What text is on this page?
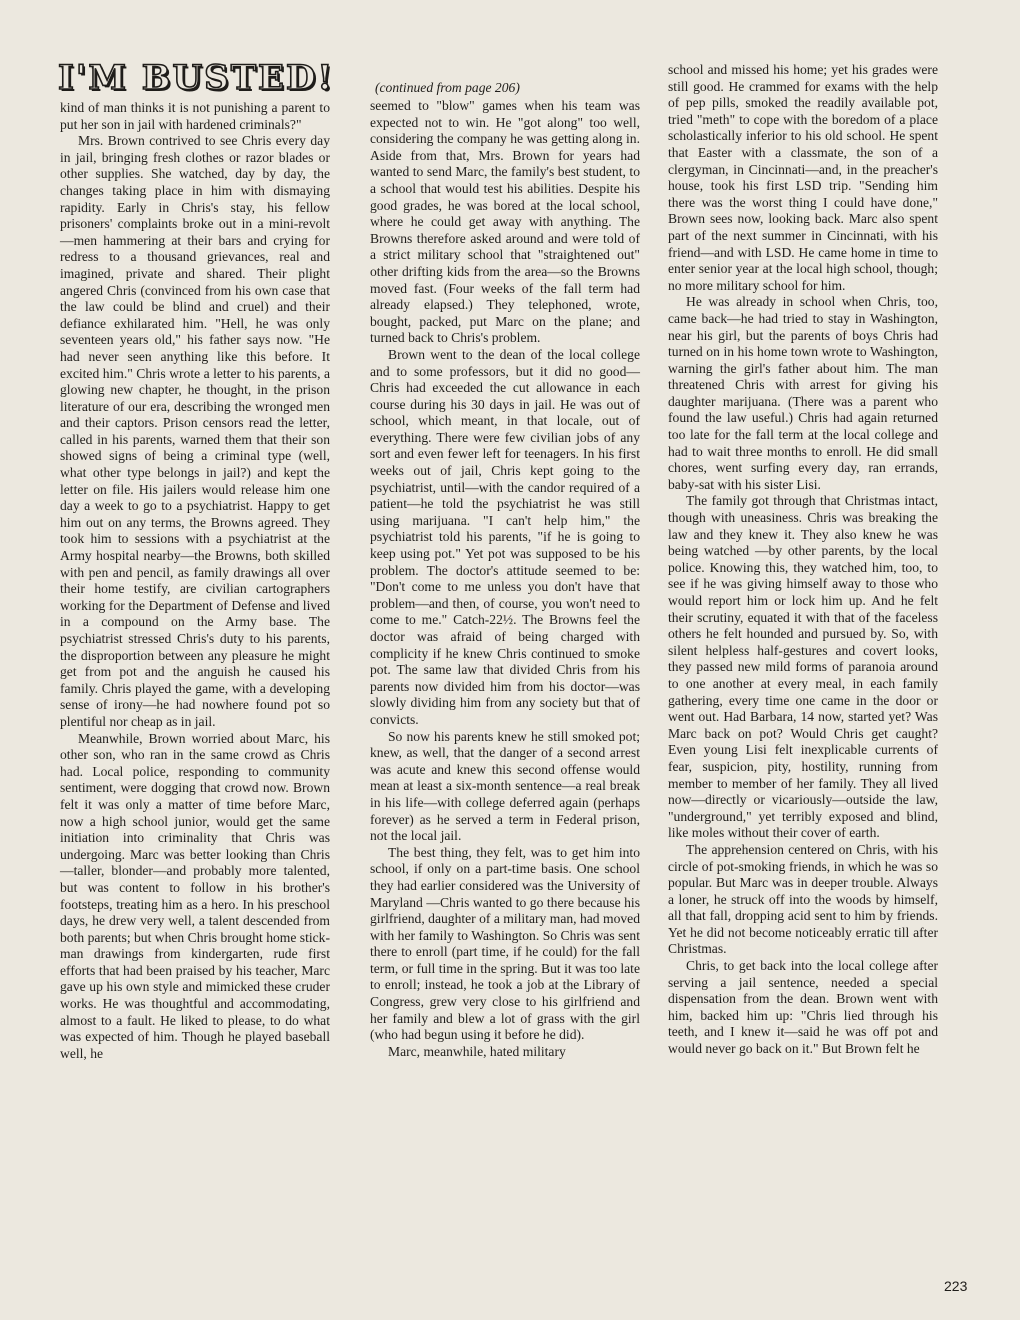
I'M BUSTED!	(continued from page 206)

kind of man thinks it is not punishing a parent to put her son in jail with hardened criminals?"

Mrs. Brown contrived to see Chris every day in jail, bringing fresh clothes or razor blades or other supplies. She watched, day by day, the changes taking place in him with dismaying rapidity. Early in Chris's stay, his fellow prisoners' complaints broke out in a mini-revolt—men hammering at their bars and crying for redress to a thousand grievances, real and imagined, private and shared. Their plight angered Chris (convinced from his own case that the law could be blind and cruel) and their defiance exhilarated him. "Hell, he was only seventeen years old," his father says now. "He had never seen anything like this before. It excited him." Chris wrote a letter to his parents, a glowing new chapter, he thought, in the prison literature of our era, describing the wronged men and their captors. Prison censors read the letter, called in his parents, warned them that their son showed signs of being a criminal type (well, what other type belongs in jail?) and kept the letter on file. His jailers would release him one day a week to go to a psychiatrist. Happy to get him out on any terms, the Browns agreed. They took him to sessions with a psychiatrist at the Army hospital nearby—the Browns, both skilled with pen and pencil, as family drawings all over their home testify, are civilian cartographers working for the Department of Defense and lived in a compound on the Army base. The psychiatrist stressed Chris's duty to his parents, the disproportion between any pleasure he might get from pot and the anguish he caused his family. Chris played the game, with a developing sense of irony—he had nowhere found pot so plentiful nor cheap as in jail.

Meanwhile, Brown worried about Marc, his other son, who ran in the same crowd as Chris had. Local police, responding to community sentiment, were dogging that crowd now. Brown felt it was only a matter of time before Marc, now a high school junior, would get the same initiation into criminality that Chris was undergoing. Marc was better looking than Chris—taller, blonder—and probably more talented, but was content to follow in his brother's footsteps, treating him as a hero. In his preschool days, he drew very well, a talent descended from both parents; but when Chris brought home stick-man drawings from kindergarten, rude first efforts that had been praised by his teacher, Marc gave up his own style and mimicked these cruder works. He was thoughtful and accommodating, almost to a fault. He liked to please, to do what was expected of him. Though he played baseball well, he

seemed to "blow" games when his team was expected not to win. He "got along" too well, considering the company he was getting along in. Aside from that, Mrs. Brown for years had wanted to send Marc, the family's best student, to a school that would test his abilities. Despite his good grades, he was bored at the local school, where he could get away with anything. The Browns therefore asked around and were told of a strict military school that "straightened out" other drifting kids from the area—so the Browns moved fast. (Four weeks of the fall term had already elapsed.) They telephoned, wrote, bought, packed, put Marc on the plane; and turned back to Chris's problem.

Brown went to the dean of the local college and to some professors, but it did no good—Chris had exceeded the cut allowance in each course during his 30 days in jail. He was out of school, which meant, in that locale, out of everything. There were few civilian jobs of any sort and even fewer left for teenagers. In his first weeks out of jail, Chris kept going to the psychiatrist, until—with the candor required of a patient—he told the psychiatrist he was still using marijuana. "I can't help him," the psychiatrist told his parents, "if he is going to keep using pot." Yet pot was supposed to be his problem. The doctor's attitude seemed to be: "Don't come to me unless you don't have that problem—and then, of course, you won't need to come to me." Catch-22½. The Browns feel the doctor was afraid of being charged with complicity if he knew Chris continued to smoke pot. The same law that divided Chris from his parents now divided him from his doctor—was slowly dividing him from any society but that of convicts.

So now his parents knew he still smoked pot; knew, as well, that the danger of a second arrest was acute and knew this second offense would mean at least a six-month sentence—a real break in his life—with college deferred again (perhaps forever) as he served a term in Federal prison, not the local jail.

The best thing, they felt, was to get him into school, if only on a part-time basis. One school they had earlier considered was the University of Maryland —Chris wanted to go there because his girlfriend, daughter of a military man, had moved with her family to Washington. So Chris was sent there to enroll (part time, if he could) for the fall term, or full time in the spring. But it was too late to enroll; instead, he took a job at the Library of Congress, grew very close to his girlfriend and her family and blew a lot of grass with the girl (who had begun using it before he did).

Marc, meanwhile, hated military

school and missed his home; yet his grades were still good. He crammed for exams with the help of pep pills, smoked the readily available pot, tried "meth" to cope with the boredom of a place scholastically inferior to his old school. He spent that Easter with a classmate, the son of a clergyman, in Cincinnati—and, in the preacher's house, took his first LSD trip. "Sending him there was the worst thing I could have done," Brown sees now, looking back. Marc also spent part of the next summer in Cincinnati, with his friend—and with LSD. He came home in time to enter senior year at the local high school, though; no more military school for him.

He was already in school when Chris, too, came back—he had tried to stay in Washington, near his girl, but the parents of boys Chris had turned on in his home town wrote to Washington, warning the girl's father about him. The man threatened Chris with arrest for giving his daughter marijuana. (There was a parent who found the law useful.) Chris had again returned too late for the fall term at the local college and had to wait three months to enroll. He did small chores, went surfing every day, ran errands, baby-sat with his sister Lisi.

The family got through that Christmas intact, though with uneasiness. Chris was breaking the law and they knew it. They also knew he was being watched —by other parents, by the local police. Knowing this, they watched him, too, to see if he was giving himself away to those who would report him or lock him up. And he felt their scrutiny, equated it with that of the faceless others he felt hounded and pursued by. So, with silent helpless half-gestures and covert looks, they passed new mild forms of paranoia around to one another at every meal, in each family gathering, every time one came in the door or went out. Had Barbara, 14 now, started yet? Was Marc back on pot? Would Chris get caught? Even young Lisi felt inexplicable currents of fear, suspicion, pity, hostility, running from member to member of her family. They all lived now—directly or vicariously—outside the law, "underground," yet terribly exposed and blind, like moles without their cover of earth.

The apprehension centered on Chris, with his circle of pot-smoking friends, in which he was so popular. But Marc was in deeper trouble. Always a loner, he struck off into the woods by himself, all that fall, dropping acid sent to him by friends. Yet he did not become noticeably erratic till after Christmas.

Chris, to get back into the local college after serving a jail sentence, needed a special dispensation from the dean. Brown went with him, backed him up: "Chris lied through his teeth, and I knew it—said he was off pot and would never go back on it." But Brown felt he

223
